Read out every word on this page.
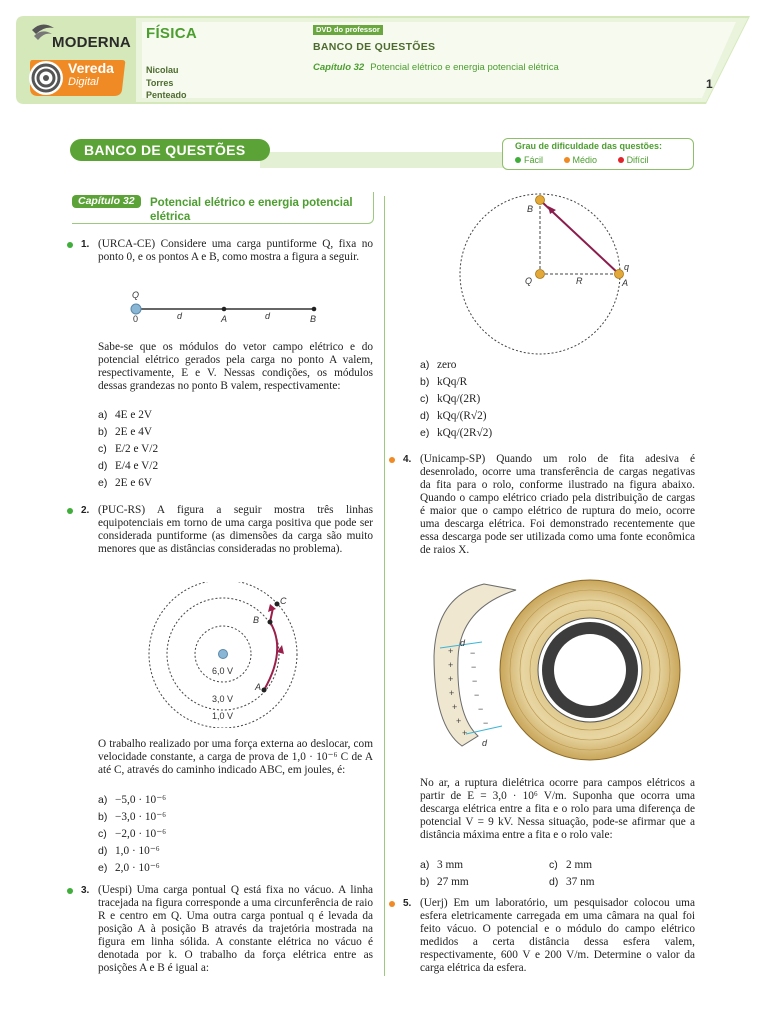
MODERNA
Vereda
Digital
FÍSICA
Nicolau
Torres
Penteado
DVD do professor
BANCO DE QUESTÕES
Capítulo 32 Potencial elétrico e energia potencial elétrica
1
BANCO DE QUESTÕES	Grau de dificuldade das questões:
Fácil	Médio	Difícil
Capítulo 32	Potencial elétrico e energia potencial elétrica
1. (URCA-CE) Considere uma carga puntiforme Q, fixa no ponto 0, e os pontos A e B, como mostra a figura a seguir.
Q
0	d	A	d	B
Sabe-se que os módulos do vetor campo elétrico e do potencial elétrico gerados pela carga no ponto A valem, respectivamente, E e V. Nessas condições, os módulos dessas grandezas no ponto B valem, respectivamente:
a) 4E e 2V
b) 2E e 4V
c) E/2 e V/2
d) E/4 e V/2
e) 2E e 6V
2. (PUC-RS) A figura a seguir mostra três linhas equipotenciais em torno de uma carga positiva que pode ser considerada puntiforme (as dimensões da carga são muito menores que as distâncias consideradas no problema).
6,0 V
3,0 V
1,0 V
A
B
C
O trabalho realizado por uma força externa ao deslocar, com velocidade constante, a carga de prova de 1,0 · 10⁻⁶ C de A até C, através do caminho indicado ABC, em joules, é:
a) −5,0 · 10⁻⁶
b) −3,0 · 10⁻⁶
c) −2,0 · 10⁻⁶
d) 1,0 · 10⁻⁶
e) 2,0 · 10⁻⁶
3. (Uespi) Uma carga pontual Q está fixa no vácuo. A linha tracejada na figura corresponde a uma circunferência de raio R e centro em Q. Uma outra carga pontual q é levada da posição A à posição B através da trajetória mostrada na figura em linha sólida. A constante elétrica no vácuo é denotada por k. O trabalho da força elétrica entre as posições A e B é igual a:
B
Q	R
q
A
a) zero
b) kQq/R
c) kQq/(2R)
d) kQq/(R√2)
e) kQq/(2R√2)
4. (Unicamp-SP) Quando um rolo de fita adesiva é desenrolado, ocorre uma transferência de cargas negativas da fita para o rolo, conforme ilustrado na figura abaixo. Quando o campo elétrico criado pela distribuição de cargas é maior que o campo elétrico de ruptura do meio, ocorre uma descarga elétrica. Foi demonstrado recentemente que essa descarga pode ser utilizada como uma fonte econômica de raios X.
+
+
+
+
+
+
+
−
−
−
−
−
−
d
d
No ar, a ruptura dielétrica ocorre para campos elétricos a partir de E = 3,0 · 10⁶ V/m. Suponha que ocorra uma descarga elétrica entre a fita e o rolo para uma diferença de potencial V = 9 kV. Nessa situação, pode-se afirmar que a distância máxima entre a fita e o rolo vale:
a) 3 mm
b) 27 mm
c) 2 mm
d) 37 nm
5. (Uerj) Em um laboratório, um pesquisador colocou uma esfera eletricamente carregada em uma câmara na qual foi feito vácuo. O potencial e o módulo do campo elétrico medidos a certa distância dessa esfera valem, respectivamente, 600 V e 200 V/m. Determine o valor da carga elétrica da esfera.
